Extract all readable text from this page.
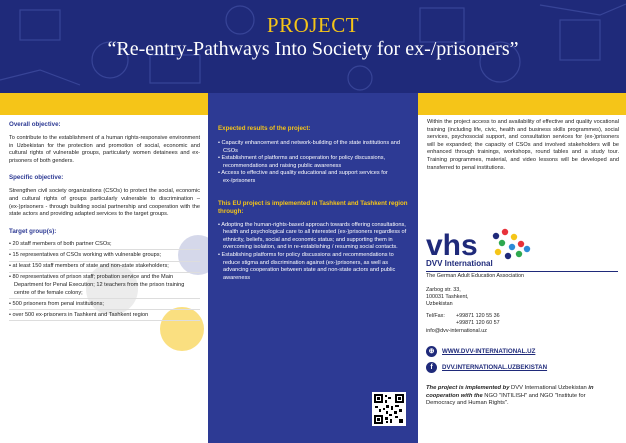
PROJECT
“Re-entry-Pathways Into Society for ex-/prisoners”
Overall objective:

To contribute to the establishment of a human rights-responsive environment in Uzbekistan for the protection and promotion of social, economic and cultural rights of vulnerable groups, particularly women detainees and ex-prisoners of both genders.

Specific objective:

Strengthen civil society organizations (CSOs) to protect the social, economic and cultural rights of groups particularly vulnerable to discrimination – (ex-)prisoners - through building social partnership and cooperation with the state actors and providing adapted services to the target groups.

Target group(s):
• 20 staff members of both partner CSOs;
• 15 representatives of CSOs working with vulnerable groups;
• at least 150 staff members of state and non-state stakeholders;
• 80 representatives of prison staff; probation service and the Main Department for Penal Execution; 12 teachers from the prison training centre of the female colony;
• 500 prisoners from penal institutions;
• over 500 ex-prisoners in Tashkent and Tashkent region
Expected results of the project:
• Capacity enhancement and network-building of the state institutions and CSOs
• Establishment of platforms and cooperation for policy discussions, recommendations and raising public awareness
• Access to effective and quality educational and support services for ex-/prisoners
This EU project is implemented in Tashkent and Tashkent region through:
• Adopting the human-rights-based approach towards offering consultations, health and psychological care to all interested (ex-)prisoners regardless of ethnicity, beliefs, social and economic status; and supporting them in overcoming isolation, and in re-establishing / resuming social contacts.
• Establishing platforms for policy discussions and recommendations to reduce stigma and discrimination against (ex-)prisoners, as well as advancing cooperation between state and non-state actors and public awareness

Within the project access to and availability of effective and quality vocational training (including life, civic, health and business skills programmes), social services, psychosocial support, and consultation services for (ex-)prisoners will be expanded; the capacity of CSOs and involved stakeholders will be enhanced through trainings, workshops, round tables and a study tour. Training programmes, material, and video lessons will be developed and transferred to penal institutions.

vhs
DVV International
The German Adult Education Association
Zarbog str. 33,
100031 Tashkent,
Uzbekistan
Tel/Fax: +99871 120 55 36
+99871 120 60 57
info@dvv-international.uz
⊕	WWW.DVV-INTERNATIONAL.UZ
f	DVV.INTERNATIONAL.UZBEKISTAN
The project is implemented by DVV International Uzbekistan in cooperation with the NGO "INTILISH" and NGO "Institute for Democracy and Human Rights".
